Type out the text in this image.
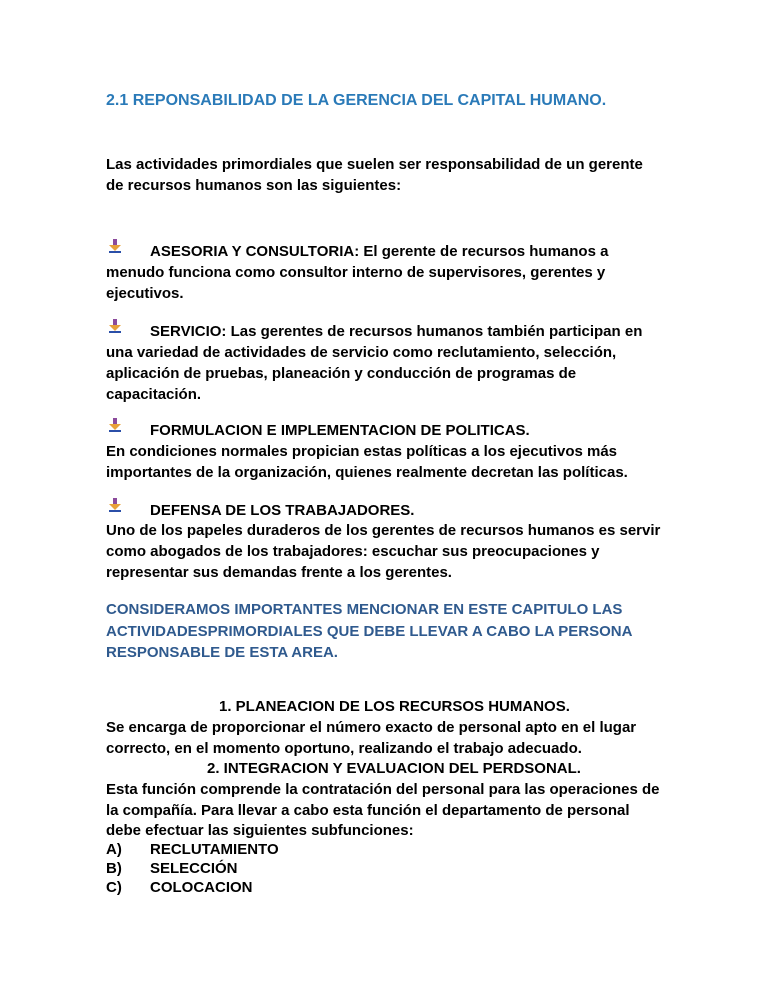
2.1 REPONSABILIDAD DE LA GERENCIA DEL CAPITAL HUMANO.
Las actividades primordiales que suelen ser responsabilidad de un gerente
de recursos humanos son las siguientes:
ASESORIA Y CONSULTORIA: El gerente de recursos humanos a
menudo funciona como consultor interno de supervisores, gerentes y
ejecutivos.
SERVICIO: Las gerentes de recursos humanos también participan en
una variedad de actividades de servicio como reclutamiento, selección,
aplicación de pruebas, planeación y conducción de programas de
capacitación.
FORMULACION E IMPLEMENTACION DE POLITICAS.
En condiciones normales propician estas políticas a los ejecutivos más
importantes de la organización, quienes realmente decretan las políticas.
DEFENSA DE LOS TRABAJADORES.
Uno de los papeles duraderos de los gerentes de recursos humanos es servir
como abogados de los trabajadores: escuchar sus preocupaciones y
representar sus demandas frente a los gerentes.
CONSIDERAMOS IMPORTANTES MENCIONAR EN ESTE CAPITULO LAS
ACTIVIDADESPRIMORDIALES QUE DEBE LLEVAR A CABO LA PERSONA
RESPONSABLE DE ESTA AREA.
1. PLANEACION DE LOS RECURSOS HUMANOS.
Se encarga de proporcionar el número exacto de personal apto en el lugar
correcto, en el momento oportuno, realizando el trabajo adecuado.
2. INTEGRACION Y EVALUACION DEL PERDSONAL.
Esta función comprende la contratación del personal para las operaciones de
la compañía. Para llevar a cabo esta función el departamento de personal
debe efectuar las siguientes subfunciones:
A) RECLUTAMIENTO
B) SELECCIÓN
C) COLOCACION
